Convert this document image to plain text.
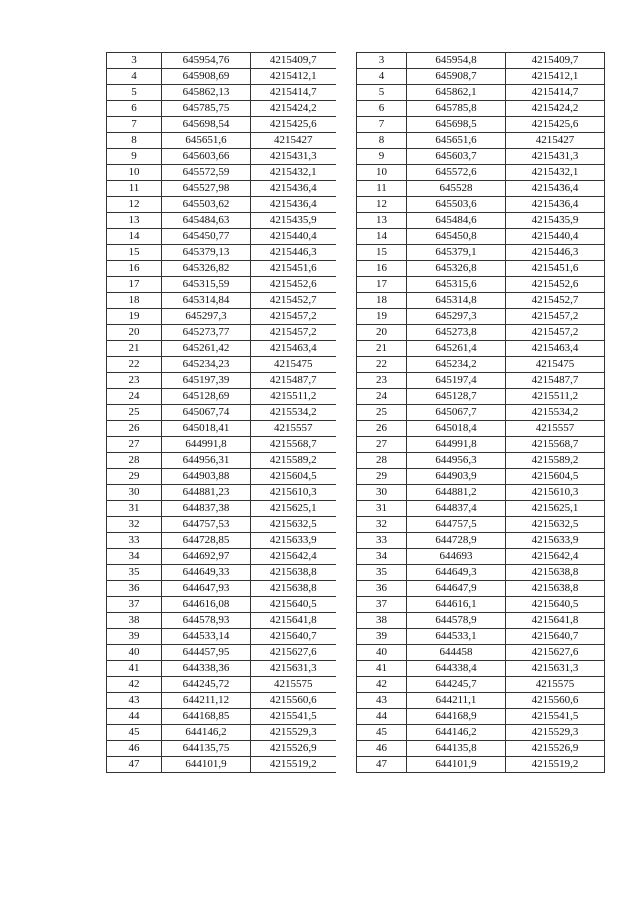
3	645954,76	4215409,7
4	645908,69	4215412,1
5	645862,13	4215414,7
6	645785,75	4215424,2
7	645698,54	4215425,6
8	645651,6	4215427
9	645603,66	4215431,3
10	645572,59	4215432,1
11	645527,98	4215436,4
12	645503,62	4215436,4
13	645484,63	4215435,9
14	645450,77	4215440,4
15	645379,13	4215446,3
16	645326,82	4215451,6
17	645315,59	4215452,6
18	645314,84	4215452,7
19	645297,3	4215457,2
20	645273,77	4215457,2
21	645261,42	4215463,4
22	645234,23	4215475
23	645197,39	4215487,7
24	645128,69	4215511,2
25	645067,74	4215534,2
26	645018,41	4215557
27	644991,8	4215568,7
28	644956,31	4215589,2
29	644903,88	4215604,5
30	644881,23	4215610,3
31	644837,38	4215625,1
32	644757,53	4215632,5
33	644728,85	4215633,9
34	644692,97	4215642,4
35	644649,33	4215638,8
36	644647,93	4215638,8
37	644616,08	4215640,5
38	644578,93	4215641,8
39	644533,14	4215640,7
40	644457,95	4215627,6
41	644338,36	4215631,3
42	644245,72	4215575
43	644211,12	4215560,6
44	644168,85	4215541,5
45	644146,2	4215529,3
46	644135,75	4215526,9
47	644101,9	4215519,2
3	645954,8	4215409,7
4	645908,7	4215412,1
5	645862,1	4215414,7
6	645785,8	4215424,2
7	645698,5	4215425,6
8	645651,6	4215427
9	645603,7	4215431,3
10	645572,6	4215432,1
11	645528	4215436,4
12	645503,6	4215436,4
13	645484,6	4215435,9
14	645450,8	4215440,4
15	645379,1	4215446,3
16	645326,8	4215451,6
17	645315,6	4215452,6
18	645314,8	4215452,7
19	645297,3	4215457,2
20	645273,8	4215457,2
21	645261,4	4215463,4
22	645234,2	4215475
23	645197,4	4215487,7
24	645128,7	4215511,2
25	645067,7	4215534,2
26	645018,4	4215557
27	644991,8	4215568,7
28	644956,3	4215589,2
29	644903,9	4215604,5
30	644881,2	4215610,3
31	644837,4	4215625,1
32	644757,5	4215632,5
33	644728,9	4215633,9
34	644693	4215642,4
35	644649,3	4215638,8
36	644647,9	4215638,8
37	644616,1	4215640,5
38	644578,9	4215641,8
39	644533,1	4215640,7
40	644458	4215627,6
41	644338,4	4215631,3
42	644245,7	4215575
43	644211,1	4215560,6
44	644168,9	4215541,5
45	644146,2	4215529,3
46	644135,8	4215526,9
47	644101,9	4215519,2
